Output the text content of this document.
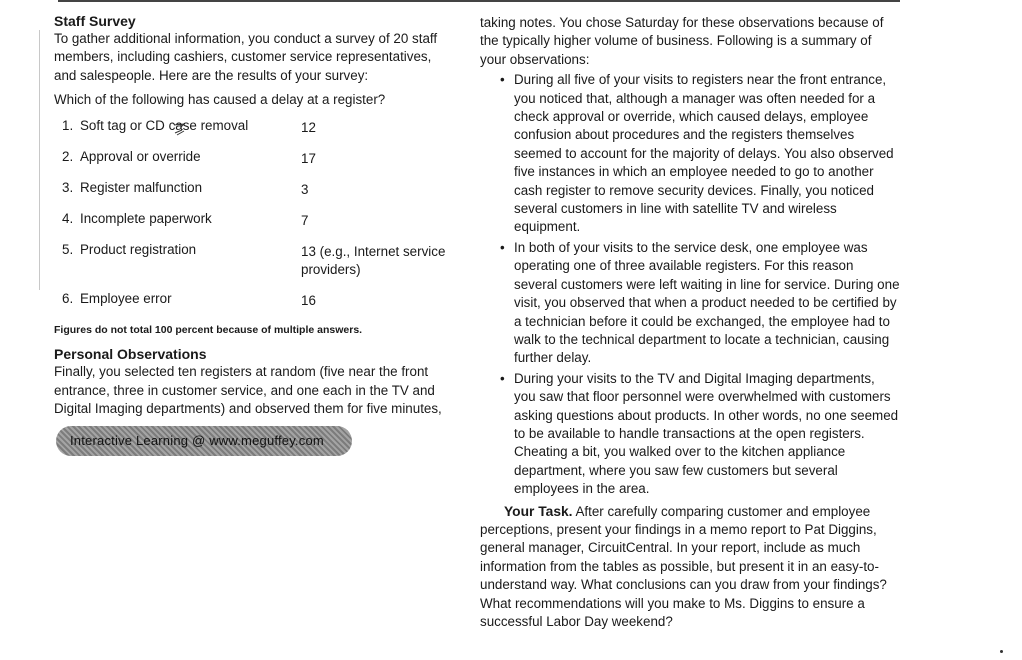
Staff Survey

To gather additional information, you conduct a survey of 20 staff members, including cashiers, customer service representatives, and salespeople. Here are the results of your survey:

Which of the following has caused a delay at a register?

1. Soft tag or CD case removal	12
2. Approval or override	17
3. Register malfunction	3
4. Incomplete paperwork	7
5. Product registration	13 (e.g., Internet service providers)
6. Employee error	16

Figures do not total 100 percent because of multiple answers.

Personal Observations

Finally, you selected ten registers at random (five near the front entrance, three in customer service, and one each in the TV and Digital Imaging departments) and observed them for five minutes,

Interactive Learning @ www.meguffey.com

taking notes. You chose Saturday for these observations because of the typically higher volume of business. Following is a summary of your observations:

• During all five of your visits to registers near the front entrance, you noticed that, although a manager was often needed for a check approval or override, which caused delays, employee confusion about procedures and the registers themselves seemed to account for the majority of delays. You also observed five instances in which an employee needed to go to another cash register to remove security devices. Finally, you noticed several customers in line with satellite TV and wireless equipment.
• In both of your visits to the service desk, one employee was operating one of three available registers. For this reason several customers were left waiting in line for service. During one visit, you observed that when a product needed to be certified by a technician before it could be exchanged, the employee had to walk to the technical department to locate a technician, causing further delay.
• During your visits to the TV and Digital Imaging departments, you saw that floor personnel were overwhelmed with customers asking questions about products. In other words, no one seemed to be available to handle transactions at the open registers. Cheating a bit, you walked over to the kitchen appliance department, where you saw few customers but several employees in the area.

Your Task. After carefully comparing customer and employee perceptions, present your findings in a memo report to Pat Diggins, general manager, CircuitCentral. In your report, include as much information from the tables as possible, but present it in an easy-to-understand way. What conclusions can you draw from your findings? What recommendations will you make to Ms. Diggins to ensure a successful Labor Day weekend?
